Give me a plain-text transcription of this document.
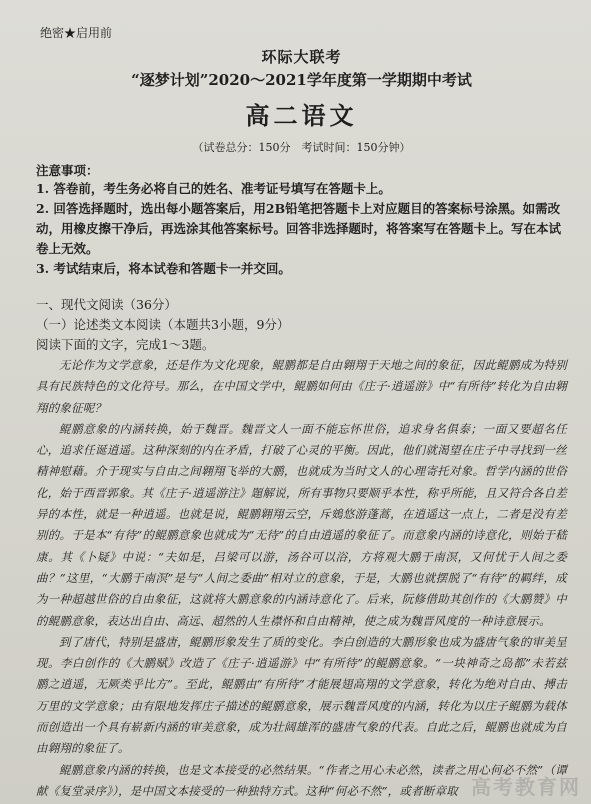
绝密★启用前
环际大联考
“逐梦计划”2020～2021学年度第一学期期中考试
高二语文
（试卷总分：150分　考试时间：150分钟）
注意事项：

1. 答卷前，考生务必将自己的姓名、准考证号填写在答题卡上。

2. 回答选择题时，选出每小题答案后，用2B铅笔把答题卡上对应题目的答案标号涂黑。如需改动，用橡皮擦干净后，再选涂其他答案标号。回答非选择题时，将答案写在答题卡上。写在本试卷上无效。

3. 考试结束后，将本试卷和答题卡一并交回。

一、现代文阅读（36分）

（一）论述类文本阅读（本题共3小题，9分）

阅读下面的文字，完成1～3题。

无论作为文学意象，还是作为文化现象，鲲鹏都是自由翱翔于天地之间的象征，因此鲲鹏成为特别具有民族特色的文化符号。那么，在中国文学中，鲲鹏如何由《庄子·逍遥游》中“有所待”转化为自由翱翔的象征呢？

鲲鹏意象的内涵转换，始于魏晋。魏晋文人一面不能忘怀世俗，追求身名俱泰；一面又要超名任心，追求任诞逍遥。这种深刻的内在矛盾，打破了心灵的平衡。因此，他们就渴望在庄子中寻找到一丝精神慰藉。介于现实与自由之间翱翔飞举的大鹏，也就成为当时文人的心理寄托对象。哲学内涵的世俗化，始于西晋郭象。其《庄子·逍遥游注》題解说，所有事物只要顺乎本性，称乎所能，且又符合各自差异的本性，就是一种逍遥。也就是说，鲲鹏翱翔云空，斥鴳悠游蓬蒿，在逍遥这一点上，二者是没有差别的。于是本“有待”的鲲鹏意象也就成为“无待”的自由逍遥的象征了。而意象内涵的诗意化，则始于嵇康。其《卜疑》中说：“夫如是，吕梁可以游，汤谷可以浴，方将观大鹏于南溟，又何忧于人间之委曲？”这里，“大鹏于南溟”是与“人间之委曲”相对立的意象，于是，大鹏也就摆脱了“有待”的羁绊，成为一种超越世俗的自由象征，这就将大鹏意象的内涵诗意化了。后来，阮修借助其创作的《大鹏赞》中的鲲鹏意象，表达出自由、高远、超然的人生襟怀和自由精神，使之成为魏晋风度的一种诗意展示。

到了唐代，特别是盛唐，鲲鹏形象发生了质的变化。李白创造的大鹏形象也成为盛唐气象的审美呈现。李白创作的《大鹏赋》改造了《庄子·逍遥游》中“有所待”的鲲鹏意象。“一块神奇之岛都”未若兹鹏之逍遥，无厥类乎比方”。至此，鲲鹏由“有所待”才能展翅高翔的文学意象，转化为绝对自由、搏击万里的文学意象；由有限地发挥庄子描述的鲲鹏意象，展示魏晋风度的内涵，转化为以庄子鲲鹏为载体而创造出一个具有崭新内涵的审美意象，成为壮阔雄浑的盛唐气象的代表。自此之后，鲲鹏也就成为自由翱翔的象征了。

鲲鹏意象内涵的转换，也是文本接受的必然结果。“作者之用心未必然，读者之用心何必不然”（谭献《复堂录序》），是中国文本接受的一种独特方式。这种“何必不然”，或者断章取 高考教育网
